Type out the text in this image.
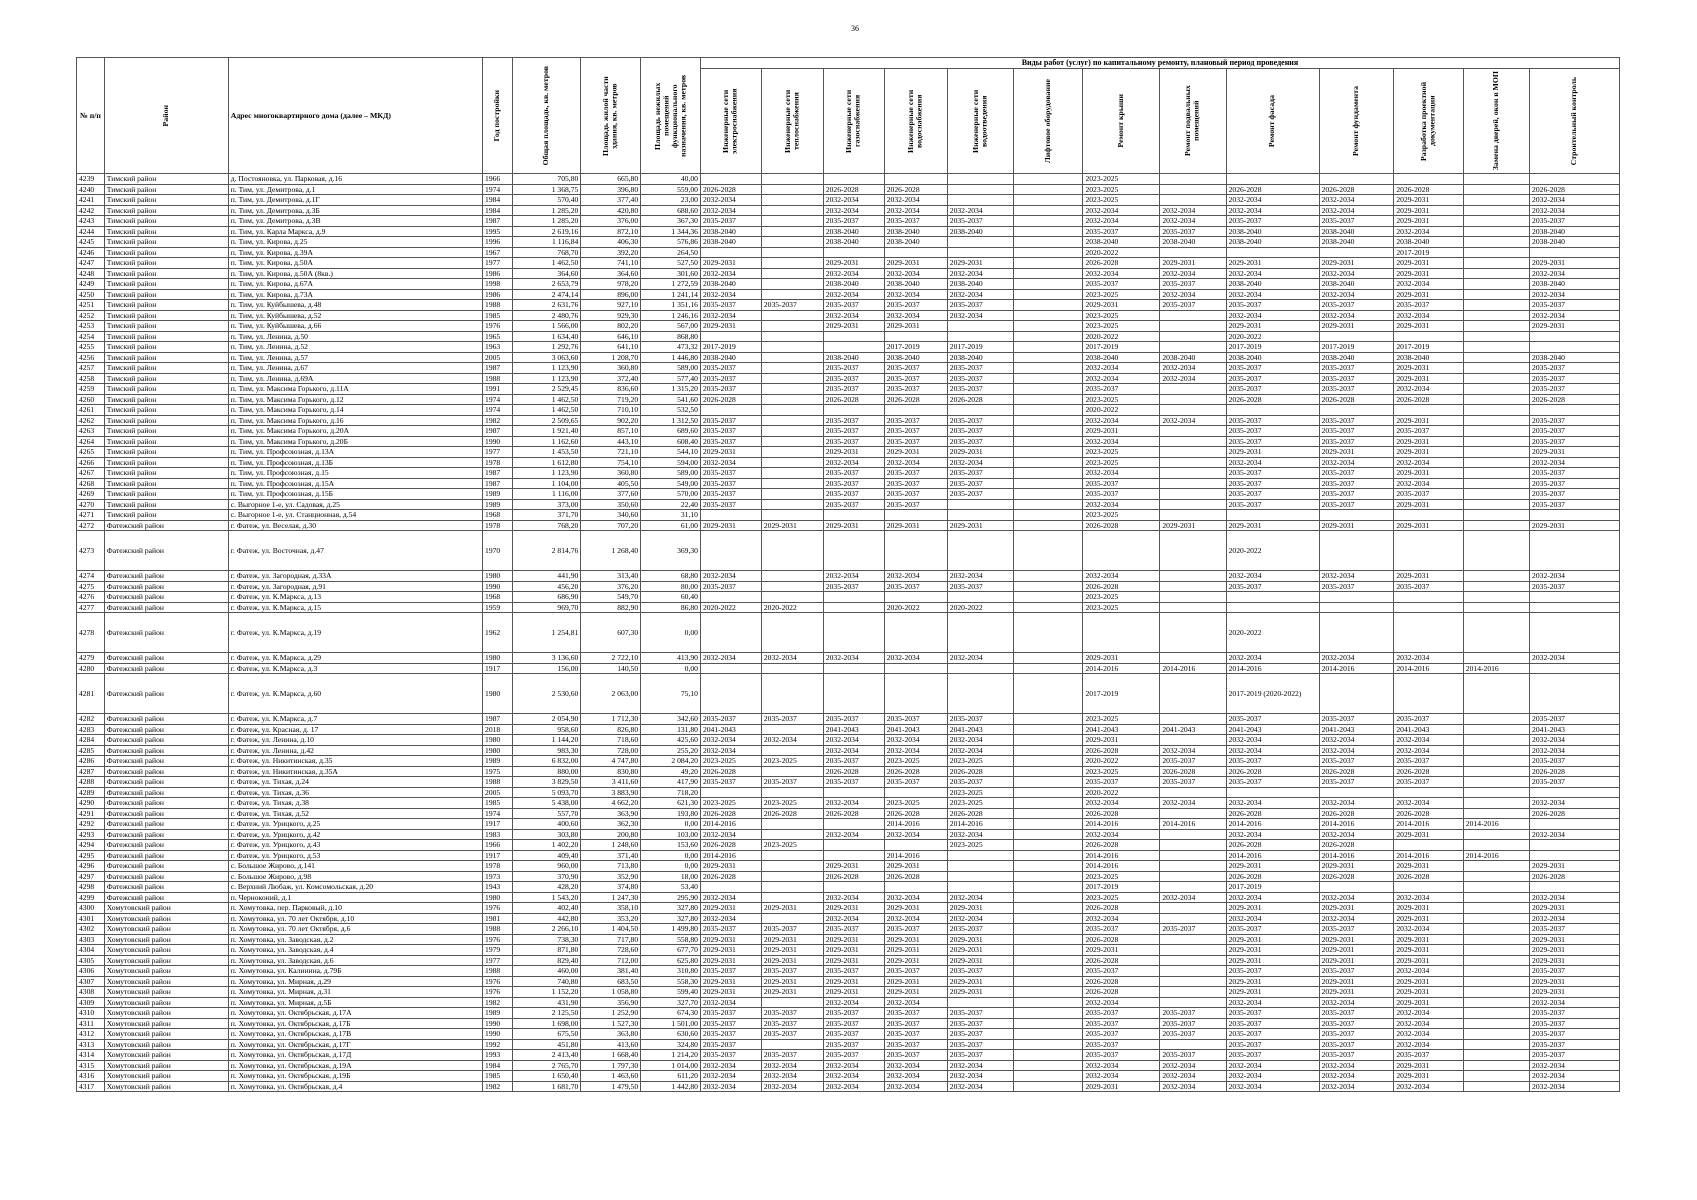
36
№ п/п	Район	Адрес многоквартирного дома (далее – МКД)	Год постройки	Общая площадь, кв. метров	Площадь жилой части здания, кв. метров	Площадь нежилых помещений функционального назначения, кв. метров	Виды работ (услуг) по капитальному ремонту, плановый период проведения												

							Инженерные сети электроснабжения	Инженерные сети теплоснабжения	Инженерные сети газоснабжения	Инженерные сети водоснабжения	Инженерные сети водоотведения	Лифтовое оборудование	Ремонт крыши	Ремонт подвальных помещений	Ремонт фасада	Ремонт фундамента	Разработка проектной документации	Замена дверей, окон в МОП	Строительный контроль

4239	Тимский район	д. Постояновка, ул. Парковая, д.16	1966	705,80	665,80	40,00							2023-2025						
4240	Тимский район	п. Тим, ул. Демитрова, д.1	1974	1 368,75	396,80	559,00	2026-2028		2026-2028	2026-2028			2023-2025		2026-2028	2026-2028	2026-2028		2026-2028
4241	Тимский район	п. Тим, ул. Демитрова, д.1Г	1984	570,40	377,40	23,00	2032-2034		2032-2034	2032-2034			2023-2025		2032-2034	2032-2034	2029-2031		2032-2034
4242	Тимский район	п. Тим, ул. Демитрова, д.3Б	1984	1 285,20	420,80	688,60	2032-2034		2032-2034	2032-2034	2032-2034		2032-2034	2032-2034	2032-2034	2032-2034	2029-2031		2032-2034
4243	Тимский район	п. Тим, ул. Демитрова, д.3В	1987	1 285,20	376,00	367,30	2035-2037		2035-2037	2035-2037	2035-2037		2032-2034	2032-2034	2035-2037	2035-2037	2029-2031		2035-2037
4244	Тимский район	п. Тим, ул. Карла Маркса, д.9	1995	2 619,16	872,10	1 344,36	2038-2040		2038-2040	2038-2040	2038-2040		2035-2037	2035-2037	2038-2040	2038-2040	2032-2034		2038-2040
4245	Тимский район	п. Тим, ул. Кирова, д.25	1996	1 116,84	406,30	576,86	2038-2040		2038-2040	2038-2040			2038-2040	2038-2040	2038-2040	2038-2040	2038-2040		2038-2040
4246	Тимский район	п. Тим, ул. Кирова, д.39А	1967	768,70	392,20	264,50							2020-2022				2017-2019		
4247	Тимский район	п. Тим, ул. Кирова, д.50А	1977	1 462,50	741,10	527,50	2029-2031		2029-2031	2029-2031	2029-2031		2026-2028	2029-2031	2029-2031	2029-2031	2029-2031		2029-2031
4248	Тимский район	п. Тим, ул. Кирова, д.50А (8кв.)	1986	364,60	364,60	301,60	2032-2034		2032-2034	2032-2034	2032-2034		2032-2034	2032-2034	2032-2034	2032-2034	2029-2031		2032-2034
4249	Тимский район	п. Тим, ул. Кирова, д.67А	1998	2 653,79	978,20	1 272,59	2038-2040		2038-2040	2038-2040	2038-2040		2035-2037	2035-2037	2038-2040	2038-2040	2032-2034		2038-2040
4250	Тимский район	п. Тим, ул. Кирова, д.73А	1986	2 474,14	896,00	1 241,14	2032-2034		2032-2034	2032-2034	2032-2034		2023-2025	2032-2034	2032-2034	2032-2034	2029-2031		2032-2034
4251	Тимский район	п. Тим, ул. Куйбышева, д.48	1988	2 631,76	927,10	1 351,16	2035-2037	2035-2037	2035-2037	2035-2037	2035-2037		2029-2031	2035-2037	2035-2037	2035-2037	2035-2037		2035-2037
4252	Тимский район	п. Тим, ул. Куйбышева, д.52	1985	2 480,76	929,30	1 246,16	2032-2034		2032-2034	2032-2034	2032-2034		2023-2025		2032-2034	2032-2034	2032-2034		2032-2034
4253	Тимский район	п. Тим, ул. Куйбышева, д.66	1976	1 566,00	802,20	567,00	2029-2031		2029-2031	2029-2031			2023-2025		2029-2031	2029-2031	2029-2031		2029-2031
4254	Тимский район	п. Тим, ул. Ленина, д.50	1965	1 634,40	646,10	868,80							2020-2022		2020-2022				
4255	Тимский район	п. Тим, ул. Ленина, д.52	1963	1 292,76	641,10	473,32	2017-2019			2017-2019	2017-2019		2017-2019		2017-2019	2017-2019	2017-2019		
4256	Тимский район	п. Тим, ул. Ленина, д.57	2005	3 063,60	1 208,70	1 446,80	2038-2040		2038-2040	2038-2040	2038-2040		2038-2040	2038-2040	2038-2040	2038-2040	2038-2040		2038-2040
4257	Тимский район	п. Тим, ул. Ленина, д.67	1987	1 123,90	360,80	589,00	2035-2037		2035-2037	2035-2037	2035-2037		2032-2034	2032-2034	2035-2037	2035-2037	2029-2031		2035-2037
4258	Тимский район	п. Тим, ул. Ленина, д.69А	1988	1 123,90	372,40	577,40	2035-2037		2035-2037	2035-2037	2035-2037		2032-2034	2032-2034	2035-2037	2035-2037	2029-2031		2035-2037
4259	Тимский район	п. Тим, ул. Максима Горького, д.11А	1991	2 529,45	836,60	1 315,20	2035-2037		2035-2037	2035-2037	2035-2037		2035-2037		2035-2037	2035-2037	2032-2034		2035-2037
4260	Тимский район	п. Тим, ул. Максима Горького, д.12	1974	1 462,50	719,20	541,60	2026-2028		2026-2028	2026-2028	2026-2028		2023-2025		2026-2028	2026-2028	2026-2028		2026-2028
4261	Тимский район	п. Тим, ул. Максима Горького, д.14	1974	1 462,50	710,10	532,50							2020-2022						
4262	Тимский район	п. Тим, ул. Максима Горького, д.16	1982	2 509,65	902,20	1 312,50	2035-2037		2035-2037	2035-2037	2035-2037		2032-2034	2032-2034	2035-2037	2035-2037	2029-2031		2035-2037
4263	Тимский район	п. Тим, ул. Максима Горького, д.20А	1987	1 921,40	857,10	689,60	2035-2037		2035-2037	2035-2037	2035-2037		2029-2031		2035-2037	2035-2037	2035-2037		2035-2037
4264	Тимский район	п. Тим, ул. Максима Горького, д.20Б	1990	1 162,60	443,10	608,40	2035-2037		2035-2037	2035-2037	2035-2037		2032-2034		2035-2037	2035-2037	2029-2031		2035-2037
4265	Тимский район	п. Тим, ул. Профсоюзная, д.13А	1977	1 453,50	721,10	544,10	2029-2031		2029-2031	2029-2031	2029-2031		2023-2025		2029-2031	2029-2031	2029-2031		2029-2031
4266	Тимский район	п. Тим, ул. Профсоюзная, д.13Б	1978	1 612,80	754,10	594,00	2032-2034		2032-2034	2032-2034	2032-2034		2023-2025		2032-2034	2032-2034	2032-2034		2032-2034
4267	Тимский район	п. Тим, ул. Профсоюзная, д.15	1987	1 123,90	360,80	589,00	2035-2037		2035-2037	2035-2037	2035-2037		2032-2034		2035-2037	2035-2037	2029-2031		2035-2037
4268	Тимский район	п. Тим, ул. Профсоюзная, д.15А	1987	1 104,00	405,50	549,00	2035-2037		2035-2037	2035-2037	2035-2037		2035-2037		2035-2037	2035-2037	2032-2034		2035-2037
4269	Тимский район	п. Тим, ул. Профсоюзная, д.15Б	1989	1 116,00	377,60	570,00	2035-2037		2035-2037	2035-2037	2035-2037		2035-2037		2035-2037	2035-2037	2035-2037		2035-2037
4270	Тимский район	с. Выгорное 1-е, ул. Садовая, д.25	1989	373,00	350,60	22,40	2035-2037		2035-2037	2035-2037			2032-2034		2035-2037	2035-2037	2029-2031		2035-2037
4271	Тимский район	с. Выгорное 1-е, ул. Станционная, д.54	1968	371,70	340,60	31,10							2023-2025						
4272	Фатежский район	г. Фатеж, ул. Веселая, д.30	1978	768,20	707,20	61,00	2029-2031	2029-2031	2029-2031	2029-2031	2029-2031		2026-2028	2029-2031	2029-2031	2029-2031	2029-2031		2029-2031
4273	Фатежский район	г. Фатеж, ул. Восточная, д.47	1970	2 814,76	1 268,40	369,30									2020-2022				
4274	Фатежский район	г. Фатеж, ул. Загородная, д.33А	1980	441,90	313,40	68,80	2032-2034		2032-2034	2032-2034	2032-2034		2032-2034		2032-2034	2032-2034	2029-2031		2032-2034
4275	Фатежский район	г. Фатеж, ул. Загородная, д.91	1990	456,20	376,20	80,00	2035-2037		2035-2037	2035-2037	2035-2037		2026-2028		2035-2037	2035-2037	2035-2037		2035-2037
4276	Фатежский район	г. Фатеж, ул. К.Маркса, д.13	1968	686,90	549,70	60,40							2023-2025						
4277	Фатежский район	г. Фатеж, ул. К.Маркса, д.15	1959	969,70	882,90	86,80	2020-2022	2020-2022		2020-2022	2020-2022		2023-2025						
4278	Фатежский район	г. Фатеж, ул. К.Маркса, д.19	1962	1 254,81	607,30	0,00									2020-2022				
4279	Фатежский район	г. Фатеж, ул. К.Маркса, д.29	1980	3 136,60	2 722,10	413,90	2032-2034	2032-2034	2032-2034	2032-2034	2032-2034		2029-2031		2032-2034	2032-2034	2032-2034		2032-2034
4280	Фатежский район	г. Фатеж, ул. К.Маркса, д.3	1917	156,00	140,50	0,00							2014-2016	2014-2016	2014-2016	2014-2016	2014-2016	2014-2016	
4281	Фатежский район	г. Фатеж, ул. К.Маркса, д.60	1980	2 530,60	2 063,00	75,10							2017-2019		2017-2019 (2020-2022)				
4282	Фатежский район	г. Фатеж, ул. К.Маркса, д.7	1987	2 054,90	1 712,30	342,60	2035-2037	2035-2037	2035-2037	2035-2037	2035-2037		2023-2025		2035-2037	2035-2037	2035-2037		2035-2037
4283	Фатежский район	г. Фатеж, ул. Красная, д. 17	2018	958,60	826,80	131,80	2041-2043		2041-2043	2041-2043	2041-2043		2041-2043	2041-2043	2041-2043	2041-2043	2041-2043		2041-2043
4284	Фатежский район	г. Фатеж, ул. Ленина, д.10	1980	1 144,20	718,60	425,60	2032-2034	2032-2034	2032-2034	2032-2034	2032-2034		2029-2031		2032-2034	2032-2034	2032-2034		2032-2034
4285	Фатежский район	г. Фатеж, ул. Ленина, д.42	1980	983,30	728,00	255,20	2032-2034		2032-2034	2032-2034	2032-2034		2026-2028	2032-2034	2032-2034	2032-2034	2032-2034		2032-2034
4286	Фатежский район	г. Фатеж, ул. Никитинская, д.35	1989	6 832,00	4 747,80	2 084,20	2023-2025	2023-2025	2035-2037	2023-2025	2023-2025		2020-2022	2035-2037	2035-2037	2035-2037	2035-2037		2035-2037
4287	Фатежский район	г. Фатеж, ул. Никитинская, д.35А	1975	880,00	830,80	49,20	2026-2028		2026-2028	2026-2028	2026-2028		2023-2025	2026-2028	2026-2028	2026-2028	2026-2028		2026-2028
4288	Фатежский район	г. Фатеж, ул. Тихая, д.24	1988	3 829,50	3 411,60	417,90	2035-2037	2035-2037	2035-2037	2035-2037	2035-2037		2035-2037	2035-2037	2035-2037	2035-2037	2035-2037		2035-2037
4289	Фатежский район	г. Фатеж, ул. Тихая, д.36	2005	5 093,70	3 883,90	718,20					2023-2025		2020-2022						
4290	Фатежский район	г. Фатеж, ул. Тихая, д.38	1985	5 438,00	4 662,20	621,30	2023-2025	2023-2025	2032-2034	2023-2025	2023-2025		2032-2034	2032-2034	2032-2034	2032-2034	2032-2034		2032-2034
4291	Фатежский район	г. Фатеж, ул. Тихая, д.52	1974	557,70	363,90	193,80	2026-2028	2026-2028	2026-2028	2026-2028	2026-2028		2026-2028		2026-2028	2026-2028	2026-2028		2026-2028
4292	Фатежский район	г. Фатеж, ул. Урицкого, д.25	1917	400,60	362,30	0,00	2014-2016			2014-2016	2014-2016		2014-2016	2014-2016	2014-2016	2014-2016	2014-2016	2014-2016	
4293	Фатежский район	г. Фатеж, ул. Урицкого, д.42	1983	303,80	200,80	103,00	2032-2034		2032-2034	2032-2034	2032-2034		2032-2034		2032-2034	2032-2034	2029-2031		2032-2034
4294	Фатежский район	г. Фатеж, ул. Урицкого, д.43	1966	1 402,20	1 248,60	153,60	2026-2028	2023-2025			2023-2025		2026-2028		2026-2028	2026-2028			
4295	Фатежский район	г. Фатеж, ул. Урицкого, д.53	1917	409,40	371,40	0,00	2014-2016			2014-2016			2014-2016		2014-2016	2014-2016	2014-2016	2014-2016	
4296	Фатежский район	с. Большое Жирово, д.141	1978	960,00	713,80	0,00	2029-2031		2029-2031	2029-2031			2014-2016		2029-2031	2029-2031	2029-2031		2029-2031
4297	Фатежский район	с. Большое Жирово, д.98	1973	370,90	352,90	18,00	2026-2028		2026-2028	2026-2028			2023-2025		2026-2028	2026-2028	2026-2028		2026-2028
4298	Фатежский район	с. Верхний Любаж, ул. Комсомольская, д.20	1943	428,20	374,80	53,40							2017-2019		2017-2019				
4299	Фатежский район	п. Черноконий, д.1	1980	1 543,20	1 247,30	295,90	2032-2034		2032-2034	2032-2034	2032-2034		2023-2025	2032-2034	2032-2034	2032-2034	2032-2034		2032-2034
4300	Хомутовский район	п. Хомутовка, пер. Парковый, д.10	1976	402,40	358,10	327,80	2029-2031	2029-2031	2029-2031	2029-2031	2029-2031		2026-2028		2029-2031	2029-2031	2029-2031		2029-2031
4301	Хомутовский район	п. Хомутовка, ул. 70 лет Октября, д.10	1981	442,80	353,20	327,80	2032-2034		2032-2034	2032-2034	2032-2034		2032-2034		2032-2034	2032-2034	2029-2031		2032-2034
4302	Хомутовский район	п. Хомутовка, ул. 70 лет Октября, д.6	1988	2 266,10	1 404,50	1 499,80	2035-2037	2035-2037	2035-2037	2035-2037	2035-2037		2035-2037	2035-2037	2035-2037	2035-2037	2032-2034		2035-2037
4303	Хомутовский район	п. Хомутовка, ул. Заводская, д.2	1976	738,30	717,80	558,80	2029-2031	2029-2031	2029-2031	2029-2031	2029-2031		2026-2028		2029-2031	2029-2031	2029-2031		2029-2031
4304	Хомутовский район	п. Хомутовка, ул. Заводская, д.4	1979	871,80	728,60	677,70	2029-2031	2029-2031	2029-2031	2029-2031	2029-2031		2029-2031		2029-2031	2029-2031	2029-2031		2029-2031
4305	Хомутовский район	п. Хомутовка, ул. Заводская, д.6	1977	829,40	712,00	625,80	2029-2031	2029-2031	2029-2031	2029-2031	2029-2031		2026-2028		2029-2031	2029-2031	2029-2031		2029-2031
4306	Хомутовский район	п. Хомутовка, ул. Калинина, д.79Б	1988	460,00	381,40	310,80	2035-2037	2035-2037	2035-2037	2035-2037	2035-2037		2035-2037		2035-2037	2035-2037	2032-2034		2035-2037
4307	Хомутовский район	п. Хомутовка, ул. Мирная, д.29	1976	740,80	683,50	558,30	2029-2031	2029-2031	2029-2031	2029-2031	2029-2031		2026-2028		2029-2031	2029-2031	2029-2031		2029-2031
4308	Хомутовский район	п. Хомутовка, ул. Мирная, д.31	1976	1 152,20	1 058,80	599,40	2029-2031	2029-2031	2029-2031	2029-2031	2029-2031		2026-2028		2029-2031	2029-2031	2029-2031		2029-2031
4309	Хомутовский район	п. Хомутовка, ул. Мирная, д.5Б	1982	431,90	356,90	327,70	2032-2034		2032-2034	2032-2034			2032-2034		2032-2034	2032-2034	2029-2031		2032-2034
4310	Хомутовский район	п. Хомутовка, ул. Октябрьская, д.17А	1989	2 125,50	1 252,90	674,30	2035-2037	2035-2037	2035-2037	2035-2037	2035-2037		2035-2037	2035-2037	2035-2037	2035-2037	2032-2034		2035-2037
4311	Хомутовский район	п. Хомутовка, ул. Октябрьская, д.17Б	1990	1 698,00	1 527,30	1 501,00	2035-2037	2035-2037	2035-2037	2035-2037	2035-2037		2035-2037	2035-2037	2035-2037	2035-2037	2032-2034		2035-2037
4312	Хомутовский район	п. Хомутовка, ул. Октябрьская, д.17В	1990	675,50	363,80	630,60	2035-2037	2035-2037	2035-2037	2035-2037	2035-2037		2035-2037	2035-2037	2035-2037	2035-2037	2032-2034		2035-2037
4313	Хомутовский район	п. Хомутовка, ул. Октябрьская, д.17Г	1992	451,80	413,60	324,80	2035-2037		2035-2037	2035-2037	2035-2037		2035-2037		2035-2037	2035-2037	2032-2034		2035-2037
4314	Хомутовский район	п. Хомутовка, ул. Октябрьская, д.17Д	1993	2 413,40	1 668,40	1 214,20	2035-2037	2035-2037	2035-2037	2035-2037	2035-2037		2035-2037	2035-2037	2035-2037	2035-2037	2035-2037		2035-2037
4315	Хомутовский район	п. Хомутовка, ул. Октябрьская, д.19А	1984	2 765,70	1 797,30	1 014,00	2032-2034	2032-2034	2032-2034	2032-2034	2032-2034		2032-2034	2032-2034	2032-2034	2032-2034	2029-2031		2032-2034
4316	Хомутовский район	п. Хомутовка, ул. Октябрьская, д.19Б	1985	1 650,40	1 463,60	611,20	2032-2034	2032-2034	2032-2034	2032-2034	2032-2034		2032-2034	2032-2034	2032-2034	2032-2034	2029-2031		2032-2034
4317	Хомутовский район	п. Хомутовка, ул. Октябрьская, д.4	1982	1 681,70	1 479,50	1 442,80	2032-2034	2032-2034	2032-2034	2032-2034	2032-2034		2029-2031	2032-2034	2032-2034	2032-2034	2032-2034		2032-2034
